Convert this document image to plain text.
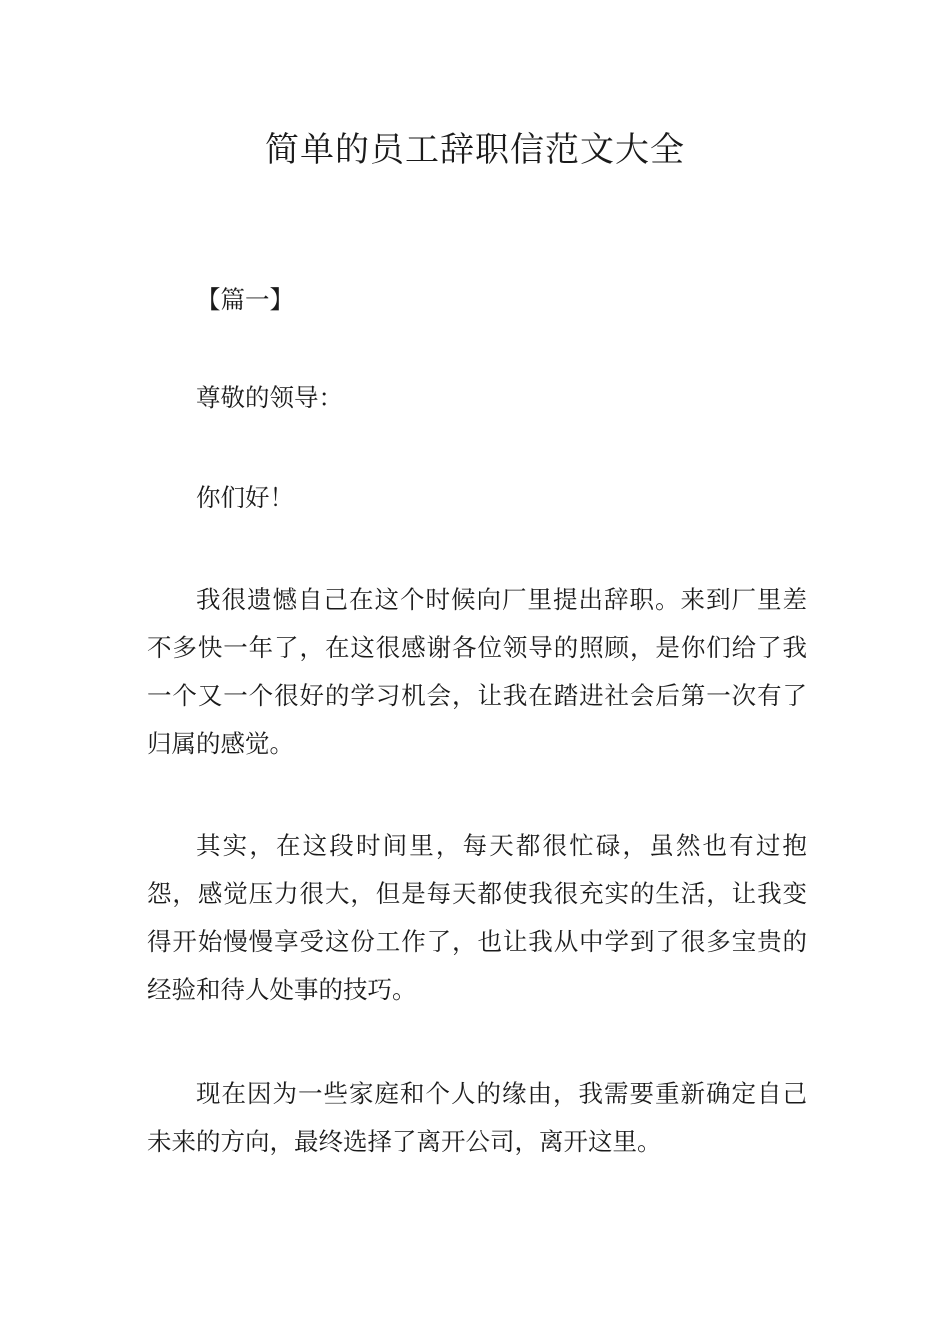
简单的员工辞职信范文大全

【篇一】

尊敬的领导：

你们好！

我很遗憾自己在这个时候向厂里提出辞职。来到厂里差不多快一年了，在这很感谢各位领导的照顾，是你们给了我一个又一个很好的学习机会，让我在踏进社会后第一次有了归属的感觉。

其实，在这段时间里，每天都很忙碌，虽然也有过抱怨，感觉压力很大，但是每天都使我很充实的生活，让我变得开始慢慢享受这份工作了，也让我从中学到了很多宝贵的经验和待人处事的技巧。

现在因为一些家庭和个人的缘由，我需要重新确定自己未来的方向，最终选择了离开公司，离开这里。
